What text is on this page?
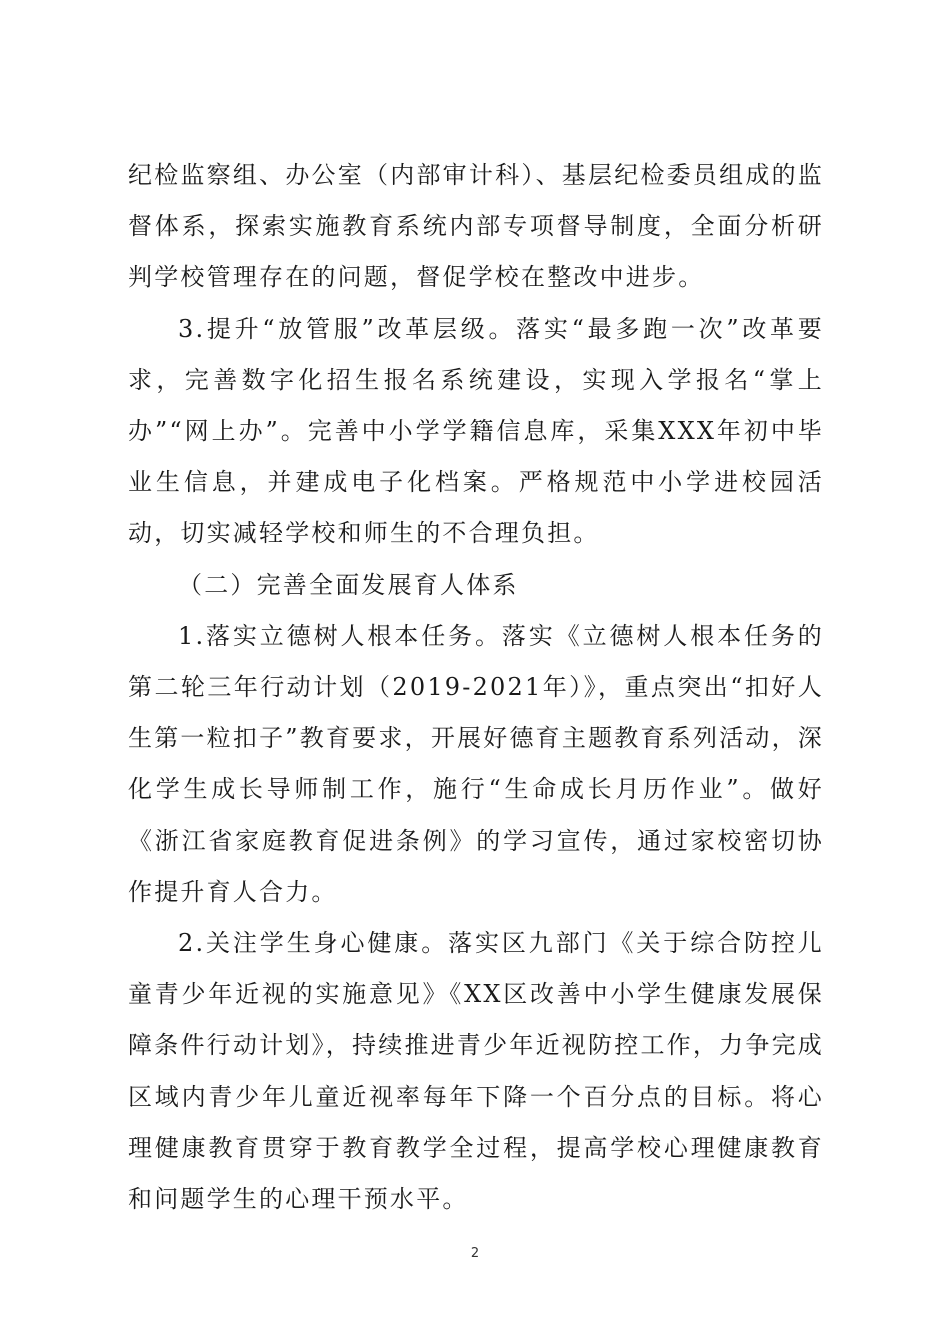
纪检监察组、办公室（内部审计科）、基层纪检委员组成的监督体系，探索实施教育系统内部专项督导制度，全面分析研判学校管理存在的问题，督促学校在整改中进步。

3.提升“放管服”改革层级。落实“最多跑一次”改革要求，完善数字化招生报名系统建设，实现入学报名“掌上办”“网上办”。完善中小学学籍信息库，采集XXX年初中毕业生信息，并建成电子化档案。严格规范中小学进校园活动，切实减轻学校和师生的不合理负担。

（二）完善全面发展育人体系

1.落实立德树人根本任务。落实《立德树人根本任务的第二轮三年行动计划（2019-2021年）》，重点突出“扣好人生第一粒扣子”教育要求，开展好德育主题教育系列活动，深化学生成长导师制工作，施行“生命成长月历作业”。做好《浙江省家庭教育促进条例》的学习宣传，通过家校密切协作提升育人合力。

2.关注学生身心健康。落实区九部门《关于综合防控儿童青少年近视的实施意见》《XX区改善中小学生健康发展保障条件行动计划》，持续推进青少年近视防控工作，力争完成区域内青少年儿童近视率每年下降一个百分点的目标。将心理健康教育贯穿于教育教学全过程，提高学校心理健康教育和问题学生的心理干预水平。

2
